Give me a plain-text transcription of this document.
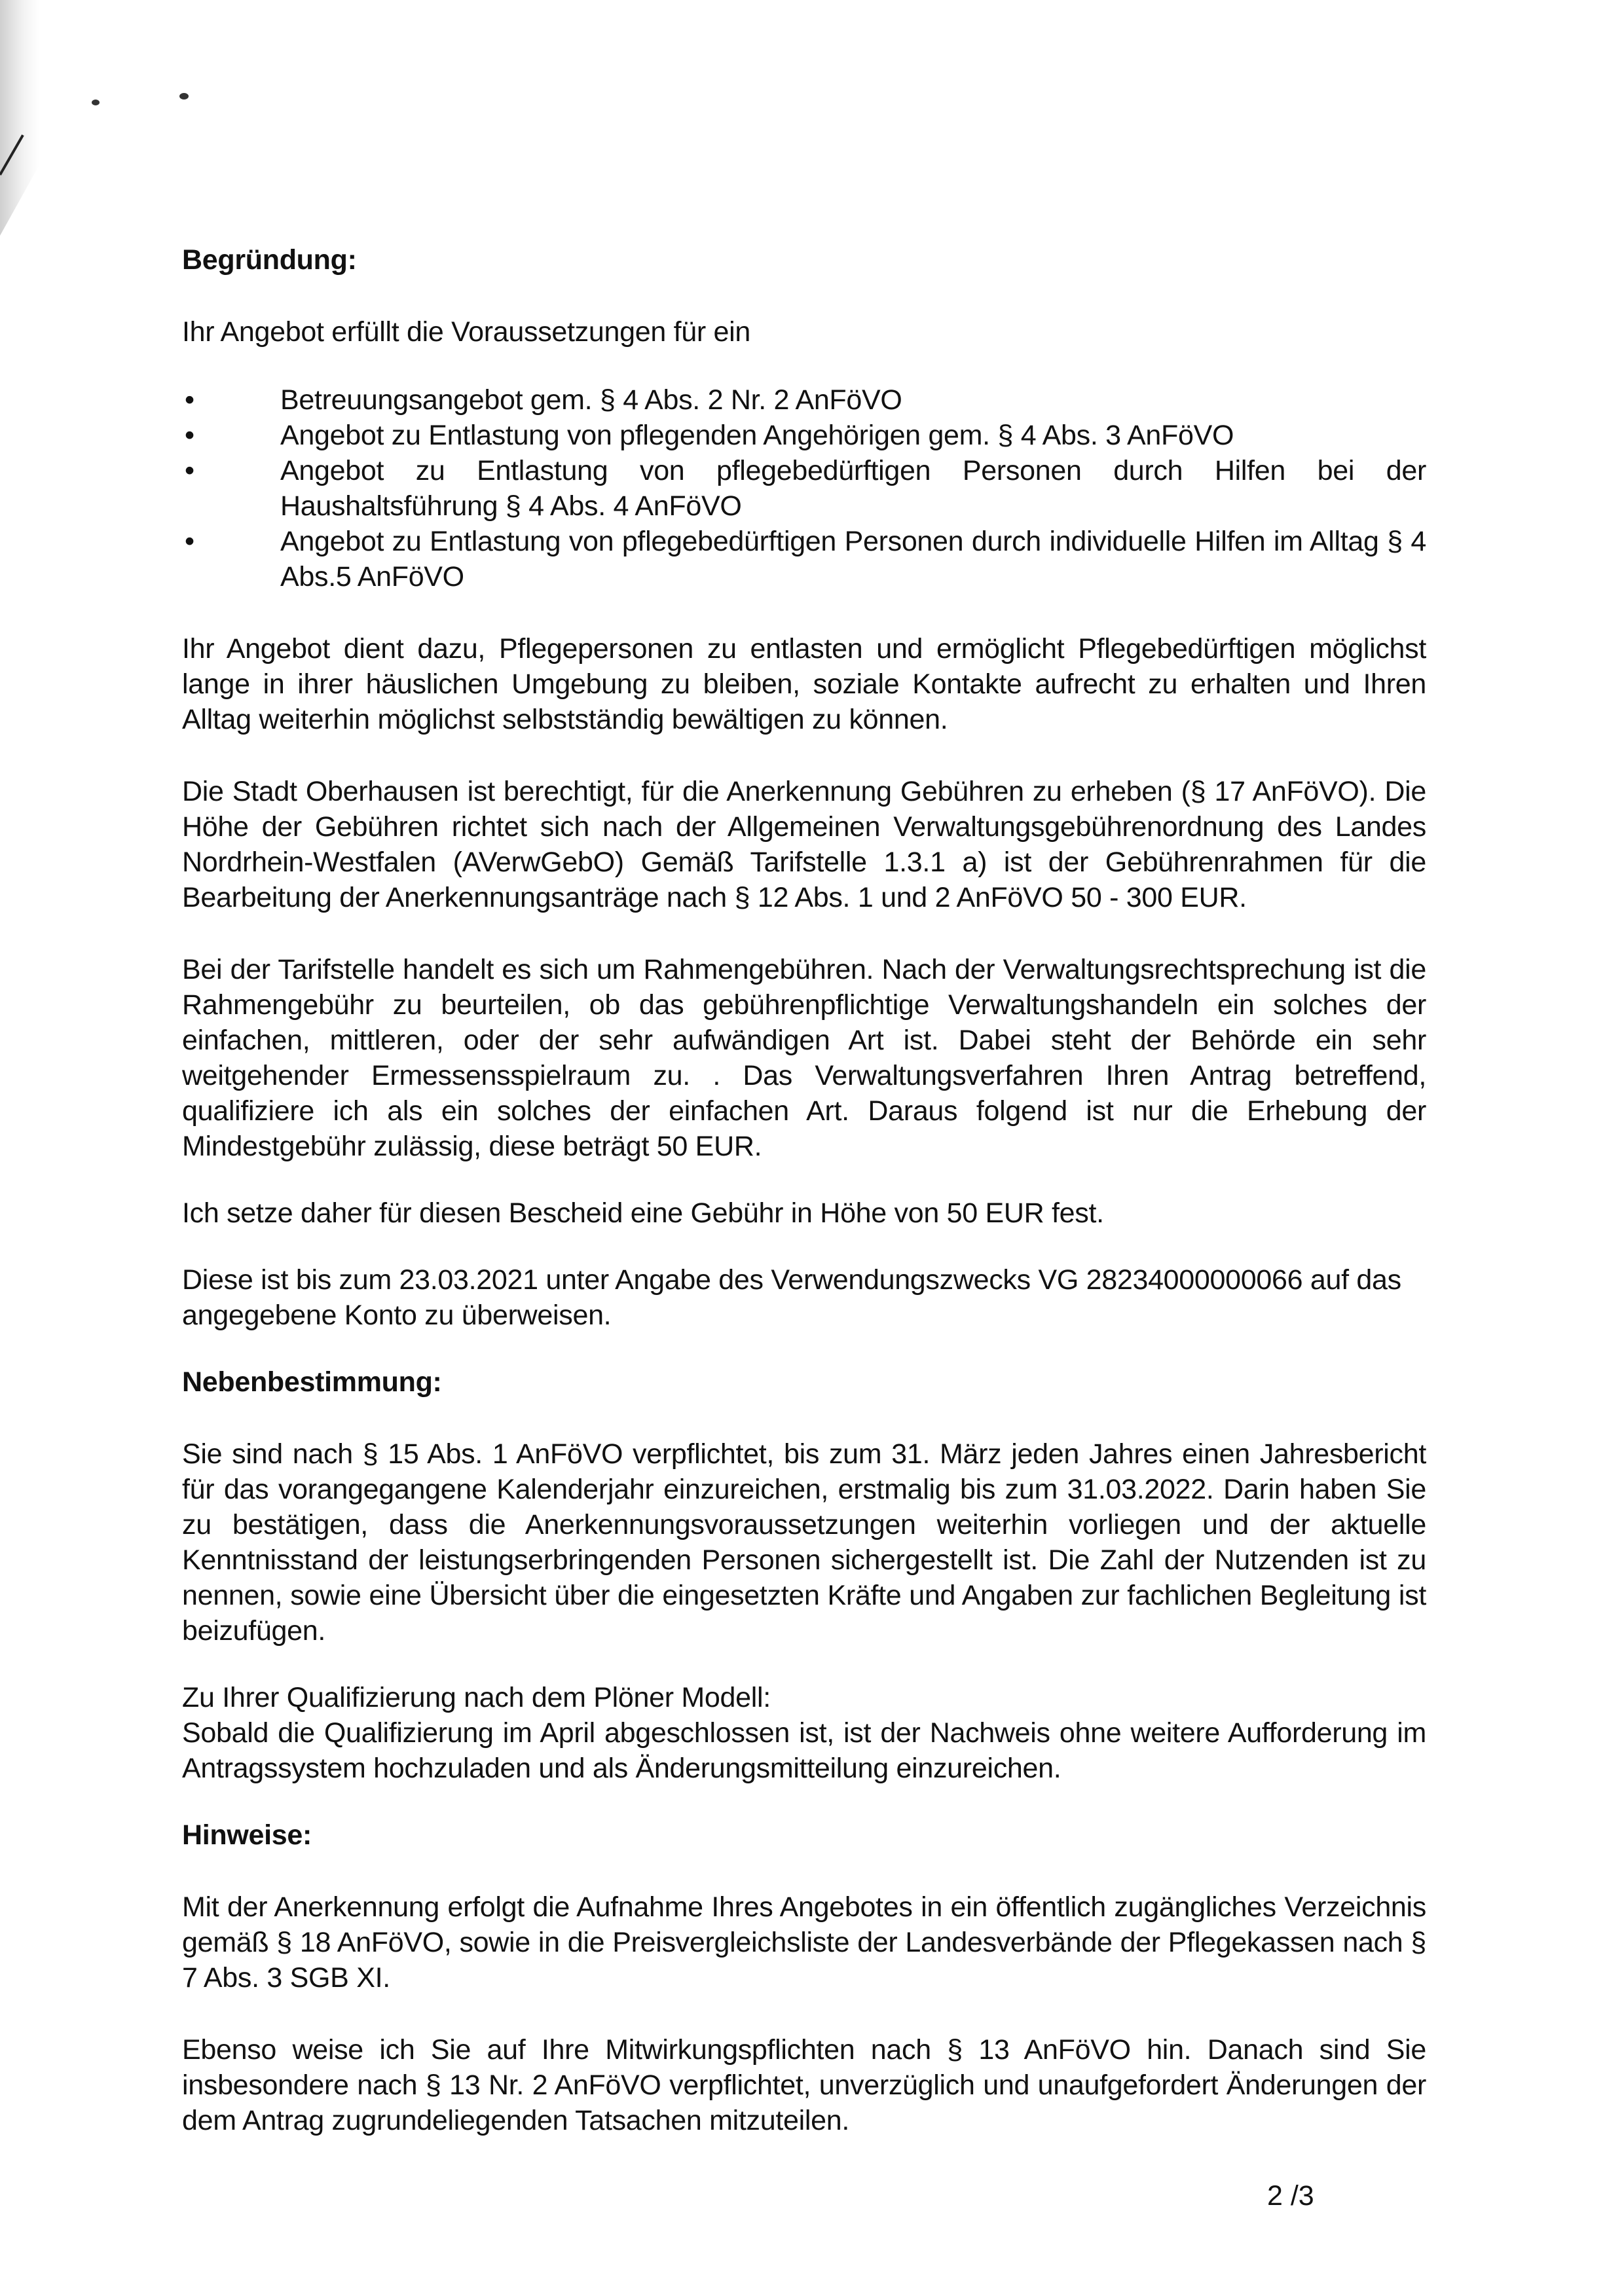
Begründung:

Ihr Angebot erfüllt die Voraussetzungen für ein

•	Betreuungsangebot gem. § 4 Abs. 2 Nr. 2 AnFöVO
•	Angebot zu Entlastung von pflegenden Angehörigen gem. § 4 Abs. 3 AnFöVO
•	Angebot zu Entlastung von pflegebedürftigen Personen durch Hilfen bei der Haushaltsführung § 4 Abs. 4 AnFöVO
•	Angebot zu Entlastung von pflegebedürftigen Personen durch individuelle Hilfen im Alltag § 4 Abs.5 AnFöVO

Ihr Angebot dient dazu, Pflegepersonen zu entlasten und ermöglicht Pflegebedürftigen möglichst lange in ihrer häuslichen Umgebung zu bleiben, soziale Kontakte aufrecht zu erhalten und Ihren Alltag weiterhin möglichst selbstständig bewältigen zu können.

Die Stadt Oberhausen ist berechtigt, für die Anerkennung Gebühren zu erheben (§ 17 AnFöVO). Die Höhe der Gebühren richtet sich nach der Allgemeinen Verwaltungsgebührenordnung des Landes Nordrhein-Westfalen (AVerwGebO) Gemäß Tarifstelle 1.3.1 a) ist der Gebührenrahmen für die Bearbeitung der Anerkennungsanträge nach § 12 Abs. 1 und 2 AnFöVO 50 - 300 EUR.

Bei der Tarifstelle handelt es sich um Rahmengebühren. Nach der Verwaltungsrechtsprechung ist die Rahmengebühr zu beurteilen, ob das gebührenpflichtige Verwaltungshandeln ein solches der einfachen, mittleren, oder der sehr aufwändigen Art ist. Dabei steht der Behörde ein sehr weitgehender Ermessensspielraum zu. . Das Verwaltungsverfahren Ihren Antrag betreffend, qualifiziere ich als ein solches der einfachen Art. Daraus folgend ist nur die Erhebung der Mindestgebühr zulässig, diese beträgt 50 EUR.

Ich setze daher für diesen Bescheid eine Gebühr in Höhe von 50 EUR fest.

Diese ist bis zum 23.03.2021 unter Angabe des Verwendungszwecks VG 28234000000066 auf das angegebene Konto zu überweisen.

Nebenbestimmung:

Sie sind nach § 15 Abs. 1 AnFöVO verpflichtet, bis zum 31. März jeden Jahres einen Jahresbericht für das vorangegangene Kalenderjahr einzureichen, erstmalig bis zum 31.03.2022. Darin haben Sie zu bestätigen, dass die Anerkennungsvoraussetzungen weiterhin vorliegen und der aktuelle Kenntnisstand der leistungserbringenden Personen sichergestellt ist. Die Zahl der Nutzenden ist zu nennen, sowie eine Übersicht über die eingesetzten Kräfte und Angaben zur fachlichen Begleitung ist beizufügen.

Zu Ihrer Qualifizierung nach dem Plöner Modell:

Sobald die Qualifizierung im April abgeschlossen ist, ist der Nachweis ohne weitere Aufforderung im Antragssystem hochzuladen und als Änderungsmitteilung einzureichen.

Hinweise:

Mit der Anerkennung erfolgt die Aufnahme Ihres Angebotes in ein öffentlich zugängliches Verzeichnis gemäß § 18 AnFöVO, sowie in die Preisvergleichsliste der Landesverbände der Pflegekassen nach § 7 Abs. 3 SGB XI.

Ebenso weise ich Sie auf Ihre Mitwirkungspflichten nach § 13 AnFöVO hin. Danach sind Sie insbesondere nach § 13 Nr. 2 AnFöVO verpflichtet, unverzüglich und unaufgefordert Änderungen der dem Antrag zugrundeliegenden Tatsachen mitzuteilen.

2 /3
